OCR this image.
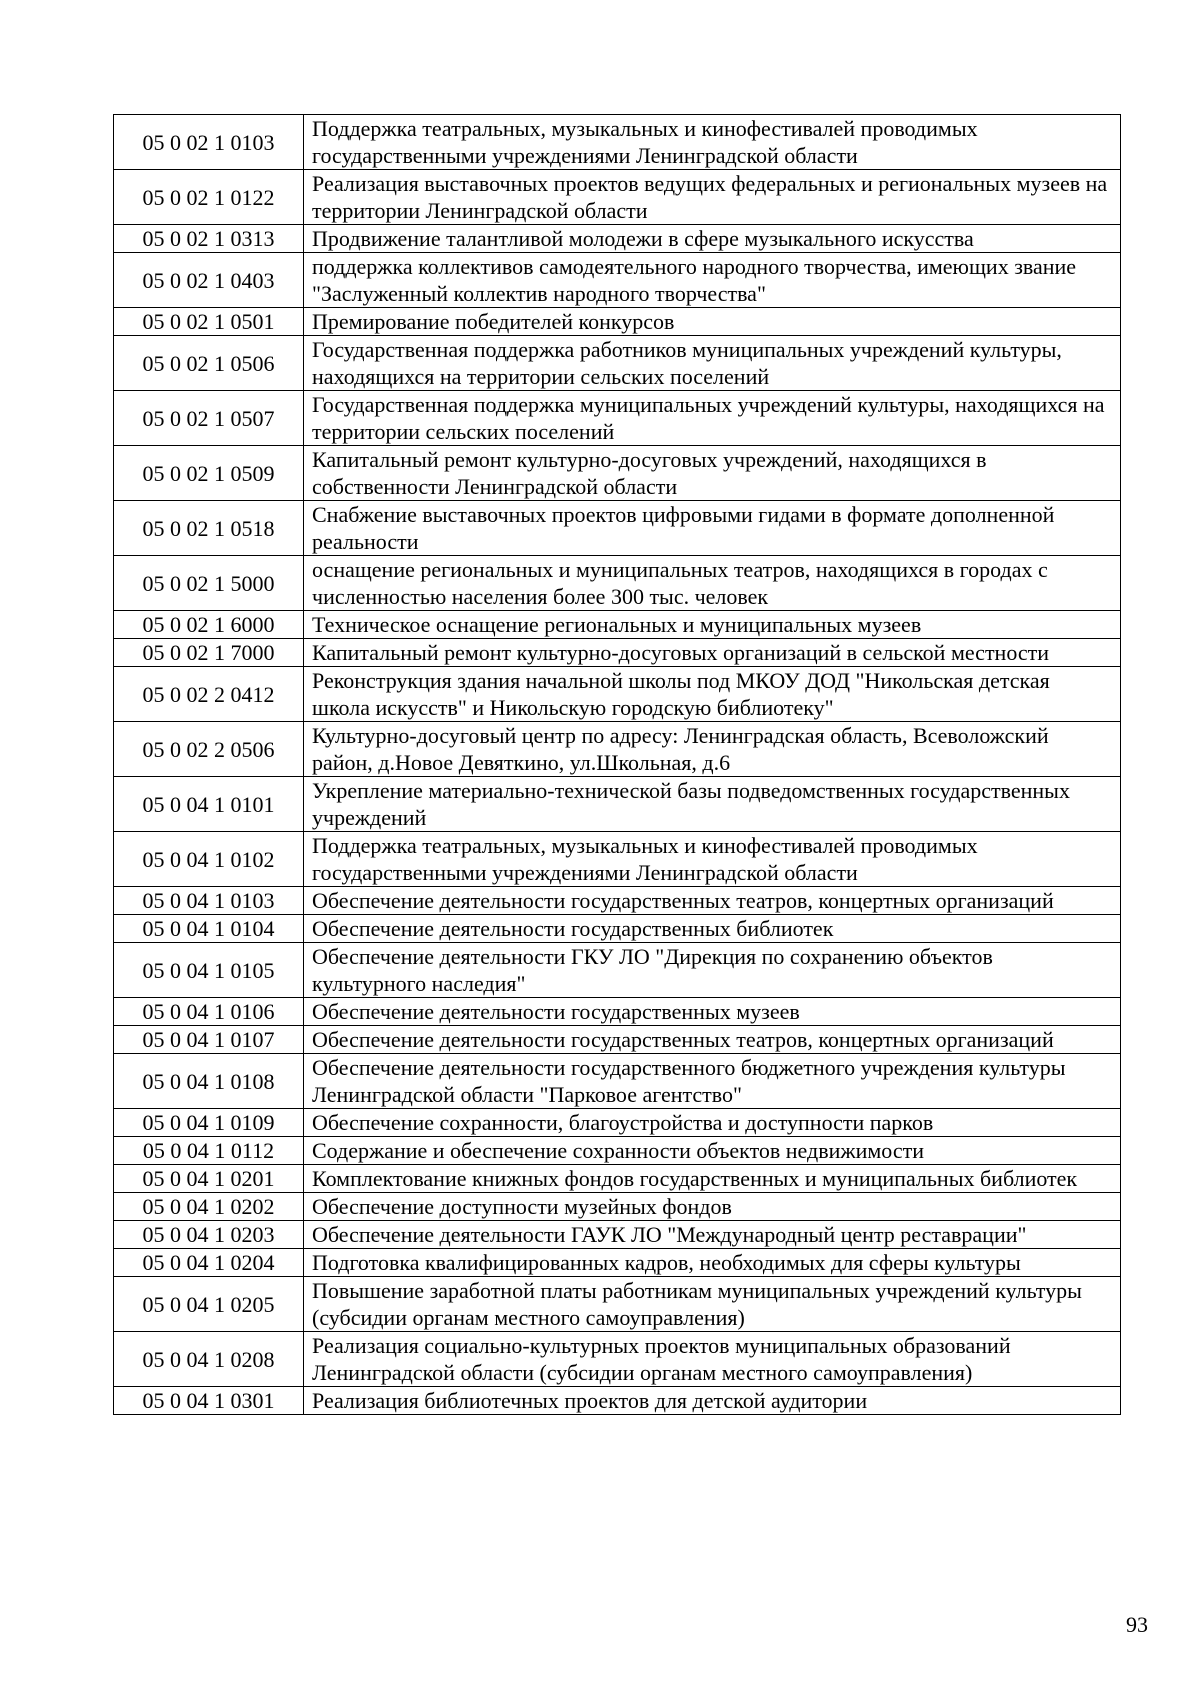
05 0 02 1 0103	Поддержка театральных, музыкальных и кинофестивалей проводимых государственными учреждениями Ленинградской области
05 0 02 1 0122	Реализация выставочных проектов ведущих федеральных и региональных музеев на территории Ленинградской области
05 0 02 1 0313	Продвижение талантливой молодежи в сфере музыкального искусства
05 0 02 1 0403	поддержка коллективов самодеятельного народного творчества, имеющих звание "Заслуженный коллектив народного творчества"
05 0 02 1 0501	Премирование победителей конкурсов
05 0 02 1 0506	Государственная поддержка работников муниципальных учреждений культуры, находящихся на территории сельских поселений
05 0 02 1 0507	Государственная поддержка муниципальных учреждений культуры, находящихся на территории сельских поселений
05 0 02 1 0509	Капитальный ремонт культурно-досуговых учреждений, находящихся в собственности Ленинградской области
05 0 02 1 0518	Снабжение выставочных проектов цифровыми гидами в формате дополненной реальности
05 0 02 1 5000	оснащение региональных и муниципальных театров, находящихся в городах с численностью населения более 300 тыс. человек
05 0 02 1 6000	Техническое оснащение региональных и муниципальных музеев
05 0 02 1 7000	Капитальный ремонт культурно-досуговых организаций в сельской местности
05 0 02 2 0412	Реконструкция здания начальной школы под МКОУ ДОД "Никольская детская школа искусств" и Никольскую городскую библиотеку"
05 0 02 2 0506	Культурно-досуговый центр по адресу: Ленинградская область, Всеволожский район, д.Новое Девяткино, ул.Школьная, д.6
05 0 04 1 0101	Укрепление материально-технической базы подведомственных государственных учреждений
05 0 04 1 0102	Поддержка театральных, музыкальных и кинофестивалей проводимых государственными учреждениями Ленинградской области
05 0 04 1 0103	Обеспечение деятельности государственных театров, концертных организаций
05 0 04 1 0104	Обеспечение деятельности государственных библиотек
05 0 04 1 0105	Обеспечение деятельности ГКУ ЛО "Дирекция по сохранению объектов культурного наследия"
05 0 04 1 0106	Обеспечение деятельности государственных музеев
05 0 04 1 0107	Обеспечение деятельности государственных театров, концертных организаций
05 0 04 1 0108	Обеспечение деятельности государственного бюджетного учреждения культуры Ленинградской области "Парковое агентство"
05 0 04 1 0109	Обеспечение сохранности, благоустройства и доступности парков
05 0 04 1 0112	Содержание и обеспечение сохранности объектов недвижимости
05 0 04 1 0201	Комплектование книжных фондов государственных и муниципальных библиотек
05 0 04 1 0202	Обеспечение доступности музейных фондов
05 0 04 1 0203	Обеспечение деятельности ГАУК ЛО "Международный центр реставрации"
05 0 04 1 0204	Подготовка квалифицированных кадров, необходимых для сферы культуры
05 0 04 1 0205	Повышение заработной платы работникам муниципальных учреждений культуры (субсидии органам местного самоуправления)
05 0 04 1 0208	Реализация социально-культурных проектов муниципальных образований Ленинградской области (субсидии органам местного самоуправления)
05 0 04 1 0301	Реализация библиотечных проектов для детской аудитории
93
